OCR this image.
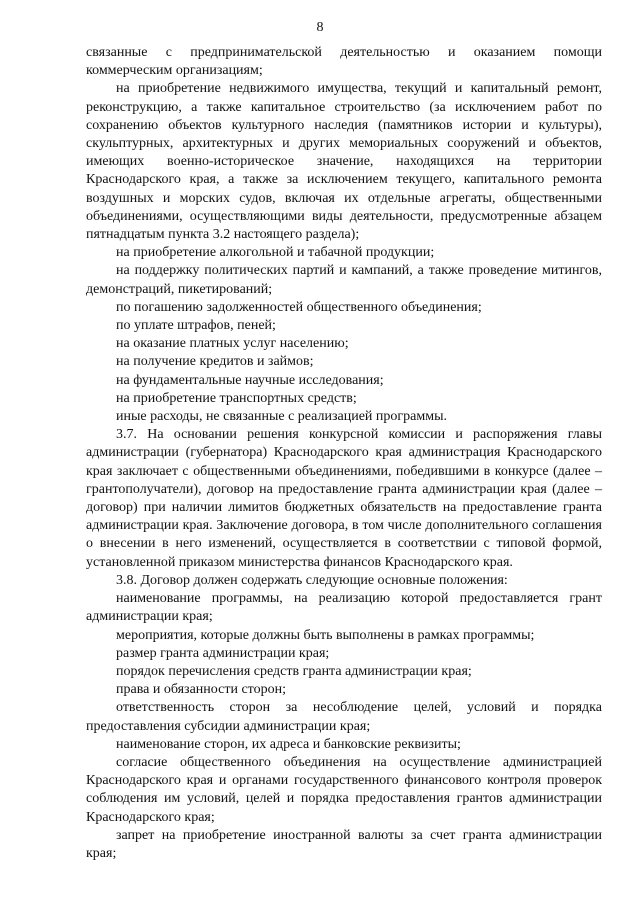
8

связанные с предпринимательской деятельностью и оказанием помощи коммерческим организациям;

на приобретение недвижимого имущества, текущий и капитальный ремонт, реконструкцию, а также капитальное строительство (за исключением работ по сохранению объектов культурного наследия (памятников истории и культуры), скульптурных, архитектурных и других мемориальных сооружений и объектов, имеющих военно-историческое значение, находящихся на территории Краснодарского края, а также за исключением текущего, капитального ремонта воздушных и морских судов, включая их отдельные агрегаты, общественными объединениями, осуществляющими виды деятельности, предусмотренные абзацем пятнадцатым пункта 3.2 настоящего раздела);

на приобретение алкогольной и табачной продукции;

на поддержку политических партий и кампаний, а также проведение митингов, демонстраций, пикетирований;

по погашению задолженностей общественного объединения;

по уплате штрафов, пеней;

на оказание платных услуг населению;

на получение кредитов и займов;

на фундаментальные научные исследования;

на приобретение транспортных средств;

иные расходы, не связанные с реализацией программы.

3.7. На основании решения конкурсной комиссии и распоряжения главы администрации (губернатора) Краснодарского края администрация Краснодарского края заключает с общественными объединениями, победившими в конкурсе (далее – грантополучатели), договор на предоставление гранта администрации края (далее – договор) при наличии лимитов бюджетных обязательств на предоставление гранта администрации края. Заключение договора, в том числе дополнительного соглашения о внесении в него изменений, осуществляется в соответствии с типовой формой, установленной приказом министерства финансов Краснодарского края.

3.8. Договор должен содержать следующие основные положения:

наименование программы, на реализацию которой предоставляется грант администрации края;

мероприятия, которые должны быть выполнены в рамках программы;

размер гранта администрации края;

порядок перечисления средств гранта администрации края;

права и обязанности сторон;

ответственность сторон за несоблюдение целей, условий и порядка предоставления субсидии администрации края;

наименование сторон, их адреса и банковские реквизиты;

согласие общественного объединения на осуществление администрацией Краснодарского края и органами государственного финансового контроля проверок соблюдения им условий, целей и порядка предоставления грантов администрации Краснодарского края;

запрет на приобретение иностранной валюты за счет гранта администрации края;
